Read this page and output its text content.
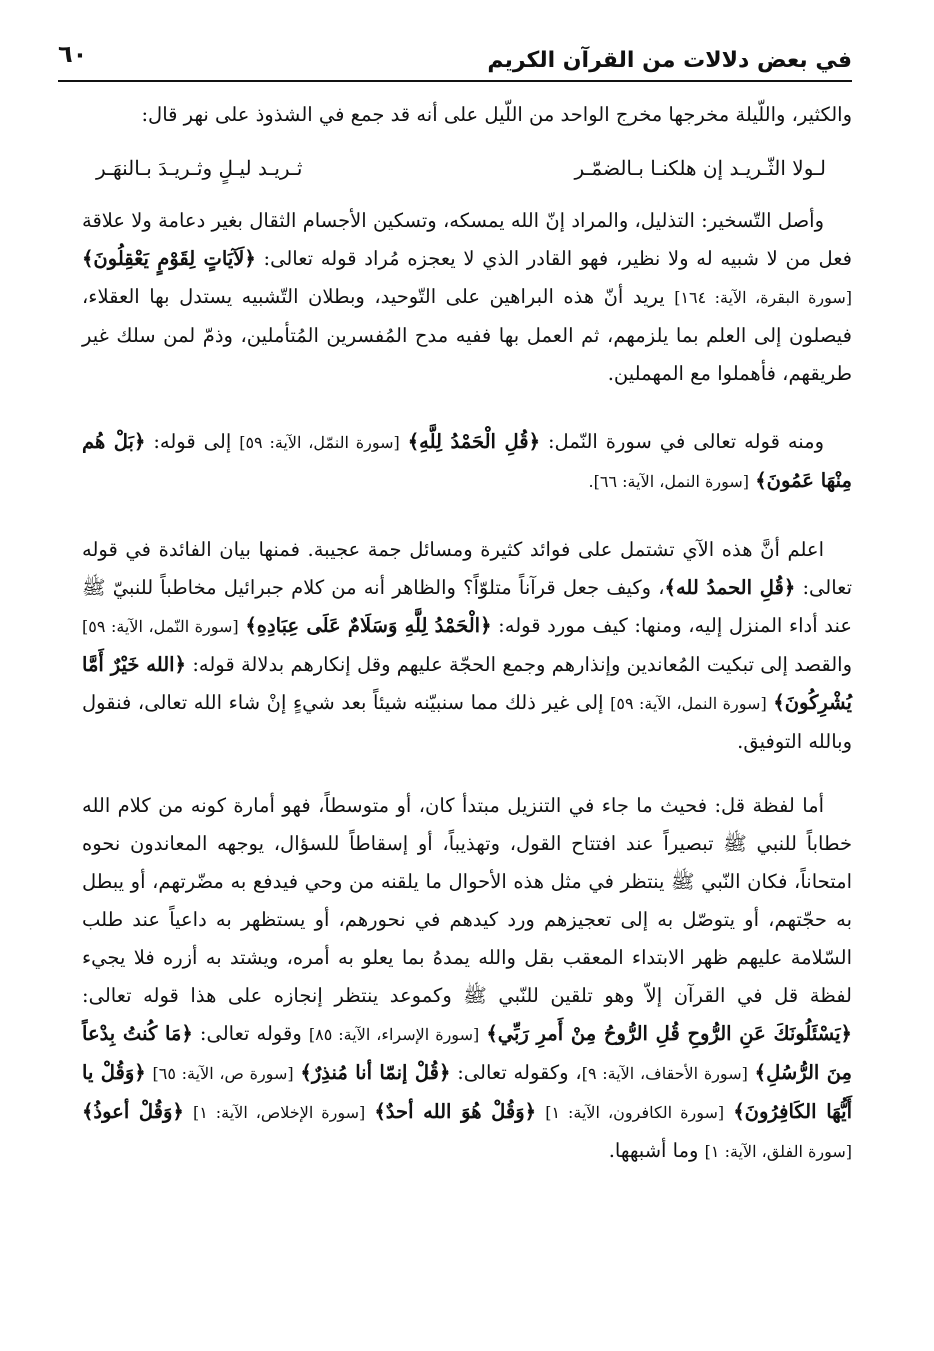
٦٠	في بعض دلالات من القرآن الكريم

والكثير، واللّيلة مخرجها مخرج الواحد من اللّيل على أنه قد جمع في الشذوذ على نهر قال:

لـولا الثّـريـد إن هلكنـا بـالضمّـر
ثـريـد ليـلٍ وثـريـدَ بـالنهَـر

وأصل التّسخير: التذليل، والمراد إنّ الله يمسكه، وتسكين الأجسام الثقال بغير دعامة ولا علاقة فعل من لا شبيه له ولا نظير، فهو القادر الذي لا يعجزه مُراد قوله تعالى: ﴿لَآيَاتٍ لِقَوْمٍ يَعْقِلُونَ﴾ [سورة البقرة، الآية: ١٦٤] يريد أنّ هذه البراهين على التّوحيد، وبطلان التّشبيه يستدل بها العقلاء، فيصلون إلى العلم بما يلزمهم، ثم العمل بها ففيه مدح المُفسرين المُتأملين، وذمّ لمن سلك غير طريقهم، فأهملوا مع المهملين.

ومنه قوله تعالى في سورة النّمل: ﴿قُلِ الْحَمْدُ لِلَّهِ﴾ [سورة النمّل، الآية: ٥٩] إلى قوله: ﴿بَلْ هُم مِنْهَا عَمُونَ﴾ [سورة النمل، الآية: ٦٦].

اعلم أنَّ هذه الآي تشتمل على فوائد كثيرة ومسائل جمة عجيبة. فمنها بيان الفائدة في قوله تعالى: ﴿قُلِ الحمدُ لله﴾، وكيف جعل قرآناً متلوّاً؟ والظاهر أنه من كلام جبرائيل مخاطباً للنبيّ ﷺ عند أداء المنزل إليه، ومنها: كيف مورد قوله: ﴿الْحَمْدُ لِلَّهِ وَسَلَامٌ عَلَى عِبَادِهِ﴾ [سورة النّمل، الآية: ٥٩] والقصد إلى تبكيت المُعاندين وإنذارهم وجمع الحجّة عليهم وقل إنكارهم بدلالة قوله: ﴿الله خَيْرٌ أَمَّا يُشْرِكُونَ﴾ [سورة النمل، الآية: ٥٩] إلى غير ذلك مما سنبيّنه شيئاً بعد شيءٍ إنْ شاء الله تعالى، فنقول وبالله التوفيق.

أما لفظة قل: فحيث ما جاء في التنزيل مبتدأ كان، أو متوسطاً، فهو أمارة كونه من كلام الله خطاباً للنبي ﷺ تبصيراً عند افتتاح القول، وتهذيباً، أو إسقاطاً للسؤال، يوجهه المعاندون نحوه امتحاناً، فكان النّبي ﷺ ينتظر في مثل هذه الأحوال ما يلقنه من وحي فيدفع به مضّرتهم، أو يبطل به حجّتهم، أو يتوصّل به إلى تعجيزهم ورد كيدهم في نحورهم، أو يستظهر به داعياً عند طلب السّلامة عليهم ظهر الابتداء المعقب بقل والله يمدهُ بما يعلو به أمره، ويشتد به أزره فلا يجيء لفظة قل في القرآن إلاّ وهو تلقين للنّبي ﷺ وكموعد ينتظر إنجازه على هذا قوله تعالى: ﴿يَسْئَلُونَكَ عَنِ الرُّوحِ قُلِ الرُّوحُ مِنْ أَمرِ رَبِّي﴾ [سورة الإسراء، الآية: ٨٥] وقوله تعالى: ﴿مَا كُنتُ بِدْعاً مِنَ الرُّسُلِ﴾ [سورة الأحقاف، الآية: ٩]، وكقوله تعالى: ﴿قُلْ إنمّا أنا مُنذِرٌ﴾ [سورة ص، الآية: ٦٥] ﴿وَقُلْ يا أَيُّهَا الكَافِرُونَ﴾ [سورة الكافرون، الآية: ١] ﴿وَقُلْ هُوَ الله أحدٌ﴾ [سورة الإخلاص، الآية: ١] ﴿وَقُلْ أعوذُ﴾ [سورة الفلق، الآية: ١] وما أشبهها.
